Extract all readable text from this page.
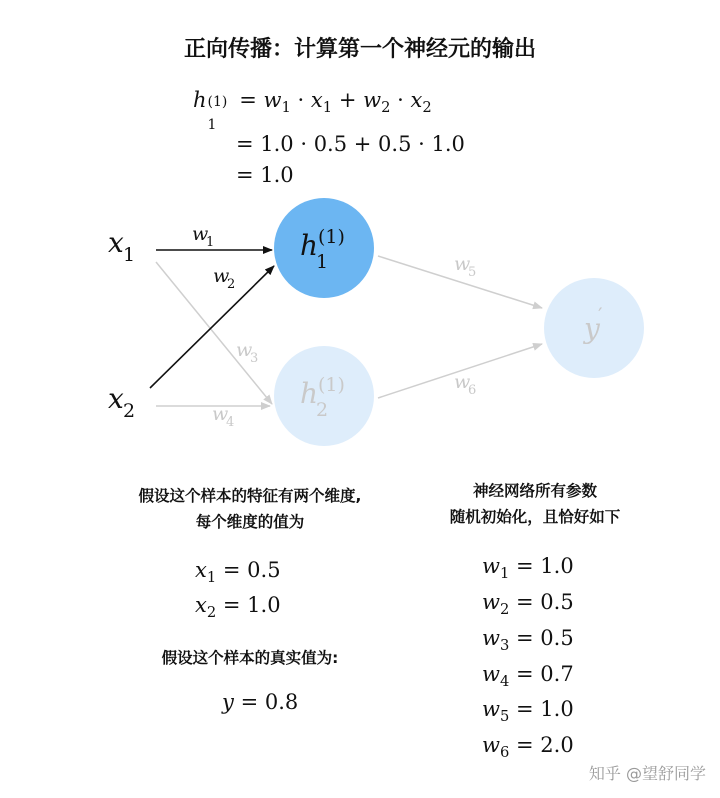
正向传播：计算第一个神经元的输出
h (1)
1
= $w_1 \cdot x_1 + w_2 \cdot x_2$
= 1.0 · 0.5 + 0.5 · 1.0
= 1.0
x 1
x 2
h (1)
1
h (1)
2
y
′
w
1
w
2
w
3
w
4
w
5
w
6
假设这个样本的特征有两个维度,
每个维度的值为
$x_1 = 0.5$
$x_2 = 1.0$
假设这个样本的真实值为:
y = 0.8
神经网络所有参数
随机初始化，且恰好如下
$w_1 = 1.0$
$w_2 = 0.5$
$w_3 = 0.5$
$w_4 = 0.7$
$w_5 = 1.0$
$w_6 = 2.0$
知乎 @望舒同学
